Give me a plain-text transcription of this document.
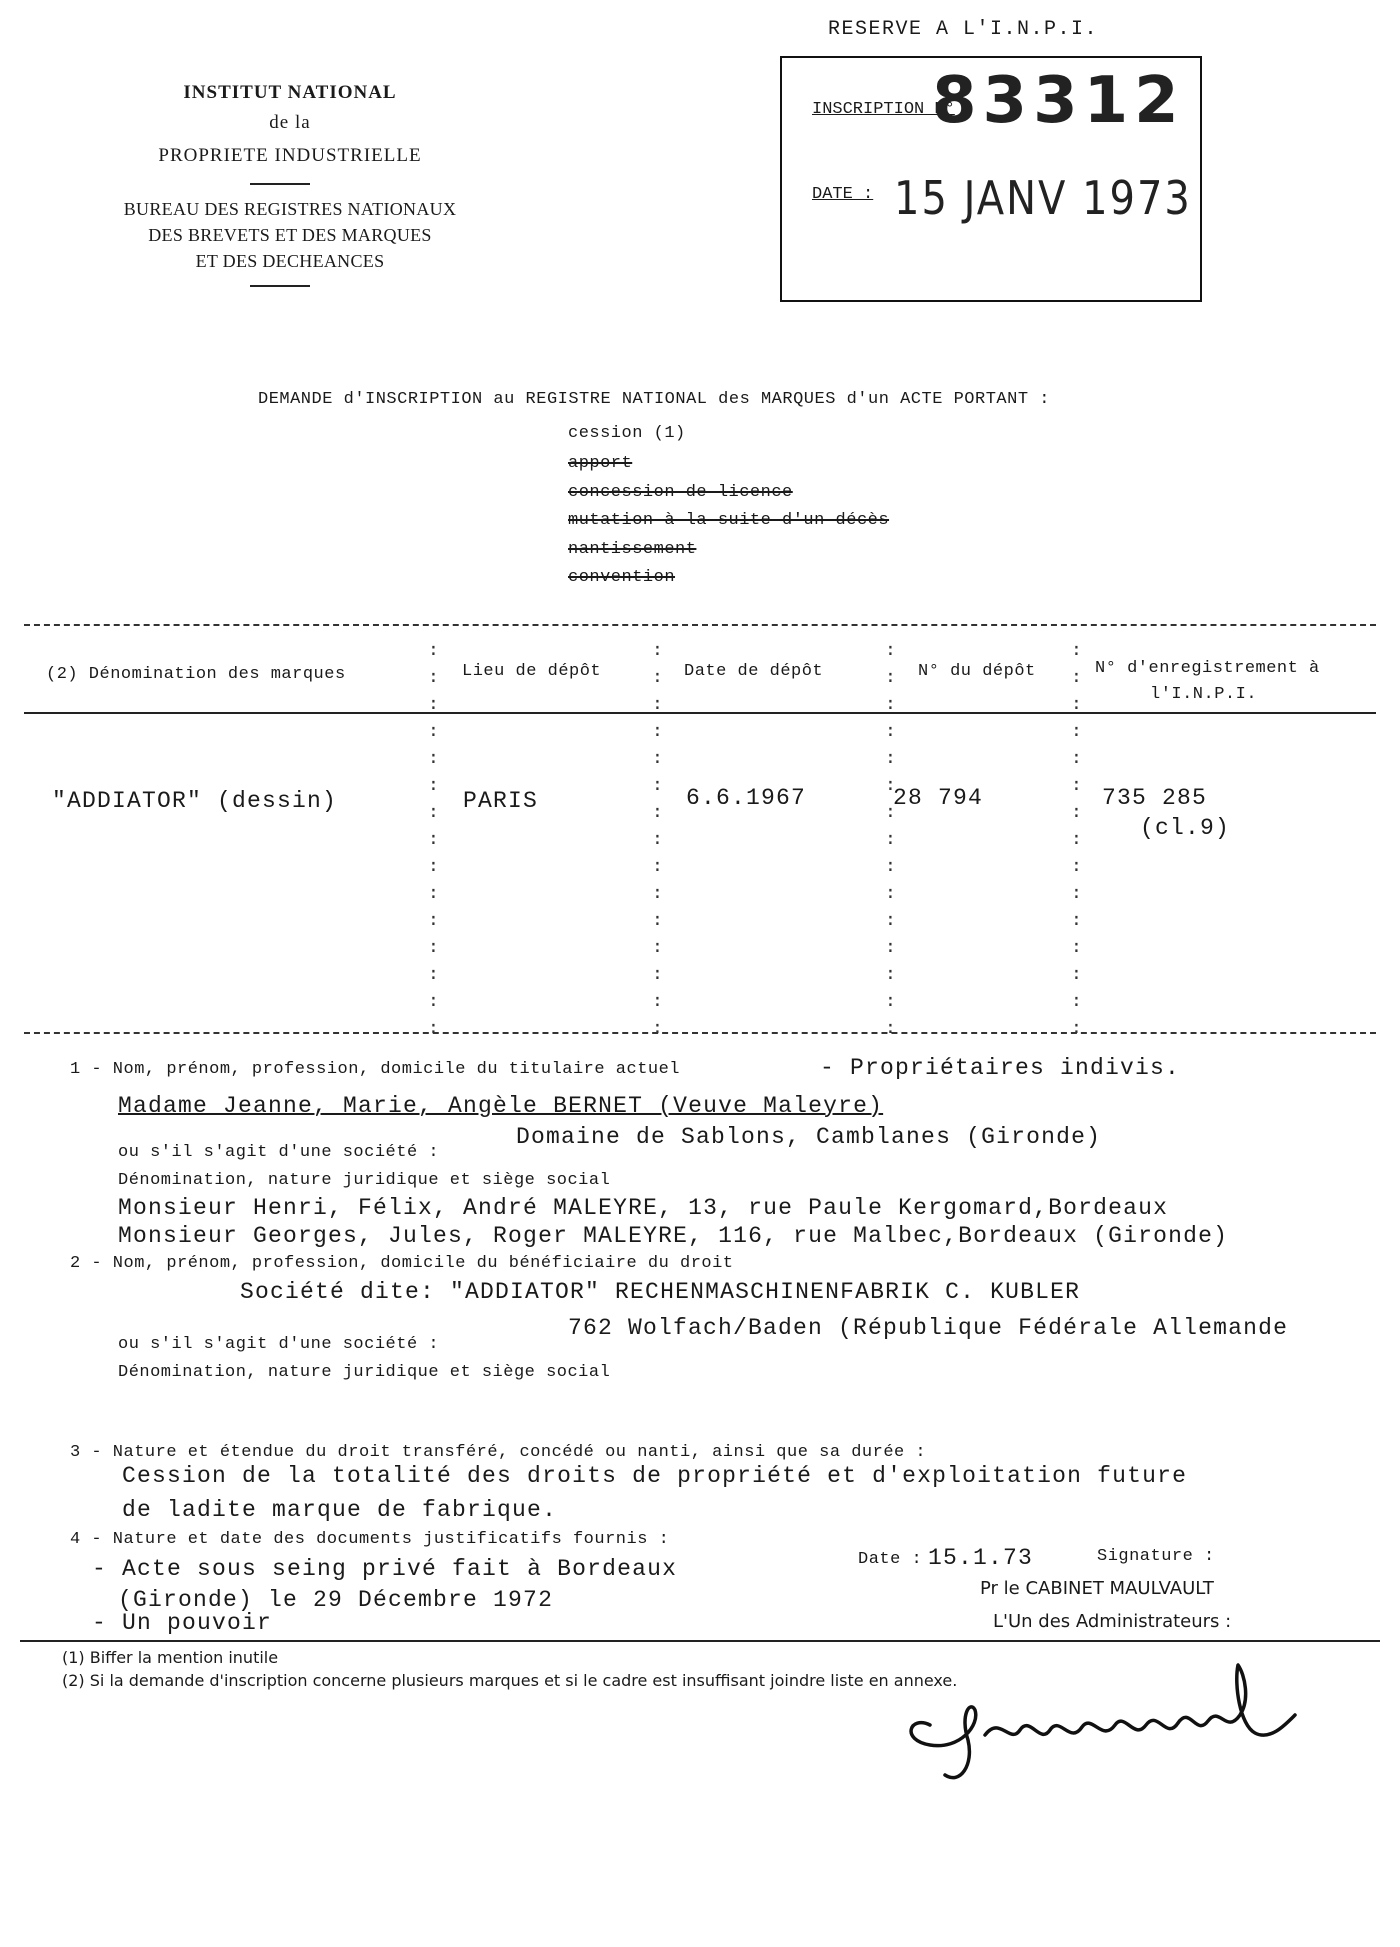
RESERVE A L'I.N.P.I.
INSCRIPTION N°
83312
DATE : 15 JANV 1973
INSTITUT NATIONAL
de la
PROPRIETE INDUSTRIELLE
BUREAU DES REGISTRES NATIONAUX
DES BREVETS ET DES MARQUES
ET DES DECHEANCES
DEMANDE d'INSCRIPTION au REGISTRE NATIONAL des MARQUES d'un ACTE PORTANT :
cession (1)
apport
concession de licence
mutation à la suite d'un décès
nantissement
convention
(2) Dénomination des marques	Lieu de dépôt	Date de dépôt	N° du dépôt	N° d'enregistrement à
l'I.N.P.I.
:
:
:
:
:
:
:
:
:
:
:
:
:
:
:
:
:
:
:
:
:
:
:
:
:
:
:
:
:
:
:
:
:
:
:
:
:
:
:
:
:
:
:
:
:
:
:
:
:
:
:
:
:
:
:
:
:
:
:
:
"ADDIATOR" (dessin)	PARIS	6.6.1967	28 794	735 285
(cl.9)
1 - Nom, prénom, profession, domicile du titulaire actuel	- Propriétaires indivis.
Madame Jeanne, Marie, Angèle BERNET (Veuve Maleyre)
ou s'il s'agit d'une société :
Domaine de Sablons, Camblanes (Gironde)
Dénomination, nature juridique et siège social
Monsieur Henri, Félix, André MALEYRE, 13, rue Paule Kergomard,Bordeaux
Monsieur Georges, Jules, Roger MALEYRE, 116, rue Malbec,Bordeaux (Gironde)
2 - Nom, prénom, profession, domicile du bénéficiaire du droit
Société dite: "ADDIATOR" RECHENMASCHINENFABRIK C. KUBLER
762 Wolfach/Baden (République Fédérale Allemande
ou s'il s'agit d'une société :
Dénomination, nature juridique et siège social
3 - Nature et étendue du droit transféré, concédé ou nanti, ainsi que sa durée :
Cession de la totalité des droits de propriété et d'exploitation future
de ladite marque de fabrique.
4 - Nature et date des documents justificatifs fournis :
- Acte sous seing privé fait à Bordeaux
(Gironde) le 29 Décembre 1972
- Un pouvoir
Date : 15.1.73	Signature :
Pr le CABINET MAULVAULT
L'Un des Administrateurs :
(1) Biffer la mention inutile
(2) Si la demande d'inscription concerne plusieurs marques et si le cadre est insuffisant joindre liste en annexe.
